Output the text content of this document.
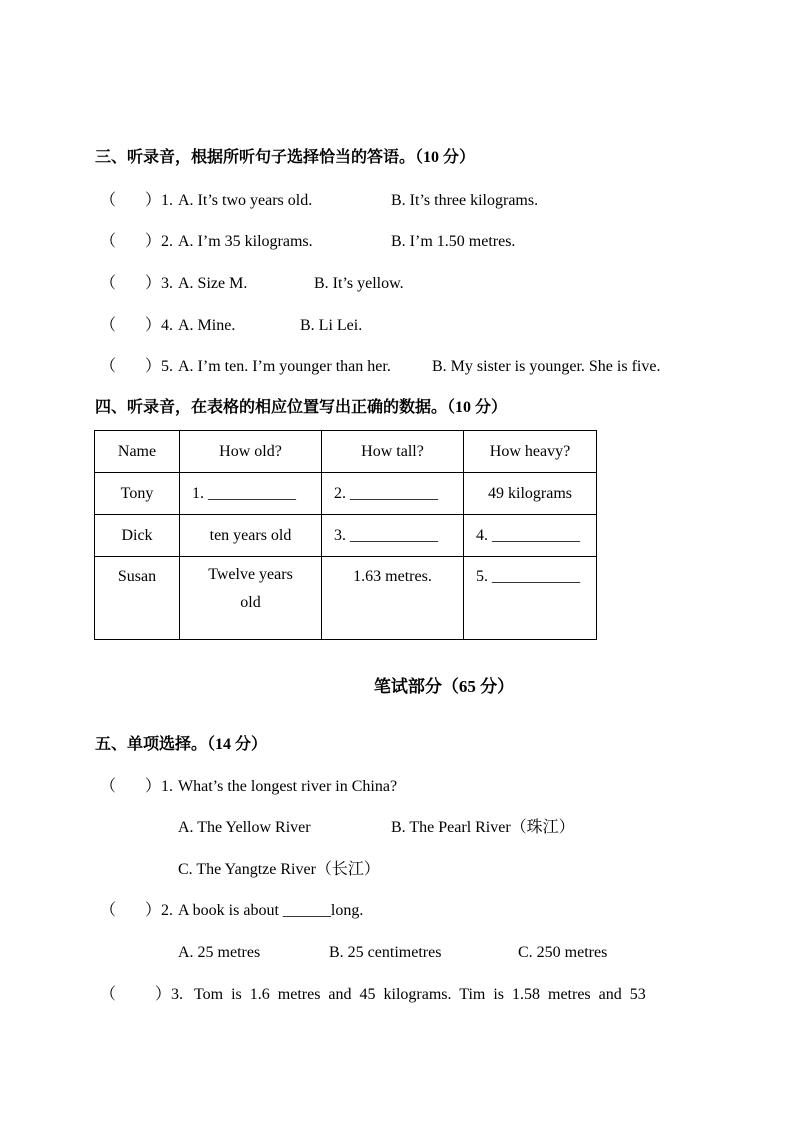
三、听录音，根据所听句子选择恰当的答语。（10 分）
（ ）1. A. It’s two years old.	B. It’s three kilograms.
（ ）2. A. I’m 35 kilograms.	B. I’m 1.50 metres.
（ ）3. A. Size M.	B. It’s yellow.
（ ）4. A. Mine.	B. Li Lei.
（ ）5. A. I’m ten. I’m younger than her.	B. My sister is younger. She is five.
四、听录音，在表格的相应位置写出正确的数据。（10 分）
Name	How old?	How tall?	How heavy?
Tony	1. ___________	2. ___________	49 kilograms
Dick	ten years old	3. ___________	4. ___________
Susan	Twelve years old	1.63 metres.	5. ___________
笔试部分（65 分）
五、单项选择。（14 分）
（ ）1. What’s the longest river in China?
A. The Yellow River	B. The Pearl River（珠江）
C. The Yangtze River（长江）
（ ）2. A book is about ______long.
A. 25 metres	B. 25 centimetres	C. 250 metres
（ ）3. Tom is 1.6 metres and 45 kilograms. Tim is 1.58 metres and 53
